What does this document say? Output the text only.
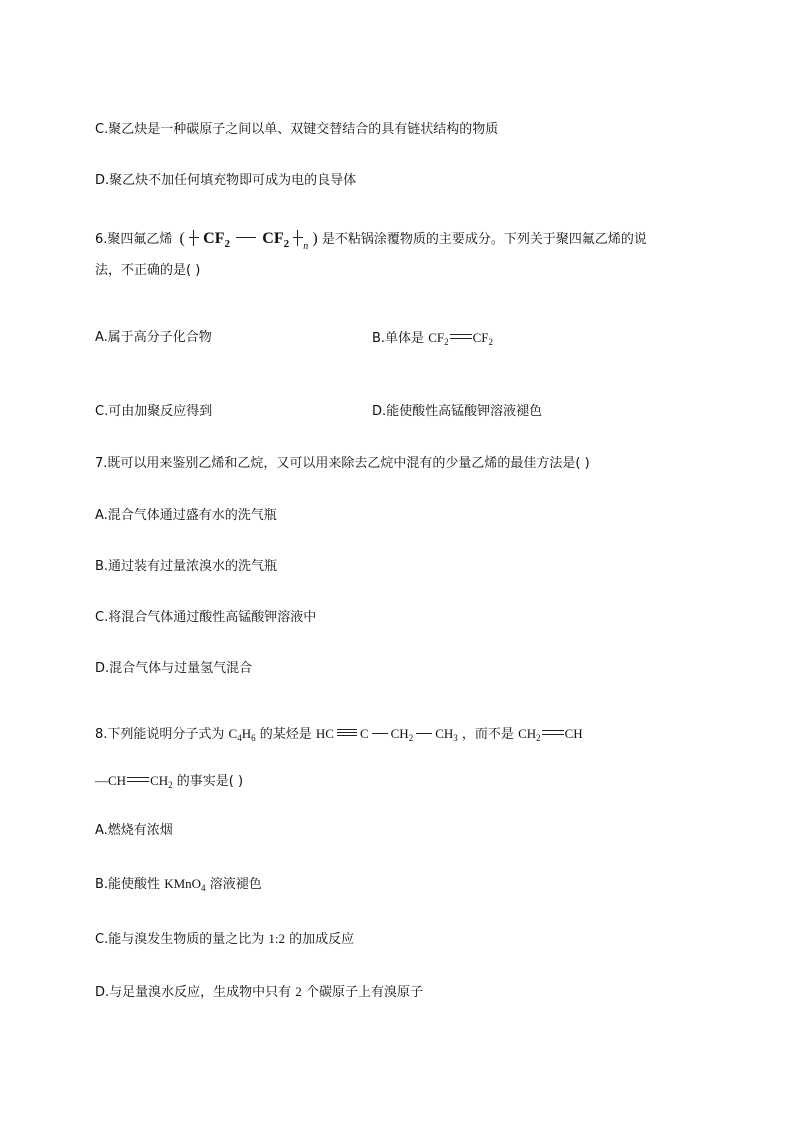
C.聚乙炔是一种碳原子之间以单、双键交替结合的具有链状结构的物质
D.聚乙炔不加任何填充物即可成为电的良导体
6.聚四氟乙烯 ( $CF_2$ $CF_2$ $_n$ ) 是不粘锅涂覆物质的主要成分。下列关于聚四氟乙烯的说
法，不正确的是( )
A.属于高分子化合物	B.单体是 $CF_2$ $CF_2$
C.可由加聚反应得到	D.能使酸性高锰酸钾溶液褪色
7.既可以用来鉴别乙烯和乙烷，又可以用来除去乙烷中混有的少量乙烯的最佳方法是( )
A.混合气体通过盛有水的洗气瓶
B.通过装有过量浓溴水的洗气瓶
C.将混合气体通过酸性高锰酸钾溶液中
D.混合气体与过量氢气混合
8.下列能说明分子式为 $C_4H_6$ 的某烃是 HC C $CH_2$ $CH_3$ ，而不是 $CH_2$ CH
—CH $CH_2$ 的事实是( )
A.燃烧有浓烟
B.能使酸性 KMnO$_4$ 溶液褪色
C.能与溴发生物质的量之比为 1:2 的加成反应
D.与足量溴水反应，生成物中只有 2 个碳原子上有溴原子
